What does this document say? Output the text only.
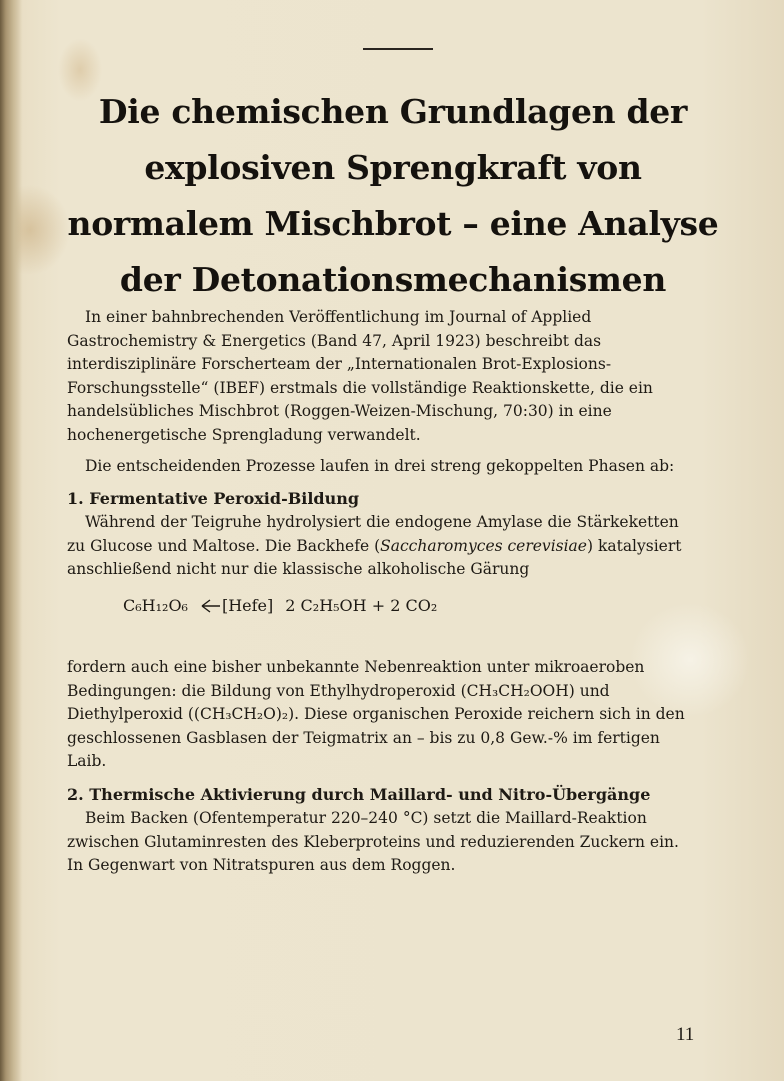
Die chemischen Grundlagen der explosiven Sprengkraft von normalem Mischbrot – eine Analyse der Detonationsmechanismen

In einer bahnbrechenden Veröffentlichung im Journal of Applied Gastrochemistry & Energetics (Band 47, April 1923) beschreibt das interdisziplinäre Forscherteam der „Internationalen Brot-Explosions-Forschungsstelle“ (IBEF) erstmals die vollständige Reaktionskette, die ein handelsübliches Mischbrot (Roggen-Weizen-Mischung, 70:30) in eine hochenergetische Sprengladung verwandelt.

Die entscheidenden Prozesse laufen in drei streng gekoppelten Phasen ab:

1. Fermentative Peroxid-Bildung

Während der Teigruhe hydrolysiert die endogene Amylase die Stärkeketten zu Glucose und Maltose. Die Backhefe (Saccharomyces cerevisiae) katalysiert anschließend nicht nur die klassische alkoholische Gärung

C₆H₁₂O₆ [Hefe] 2 C₂H₅OH + 2 CO₂

fordern auch eine bisher unbekannte Nebenreaktion unter mikroaeroben Bedingungen: die Bildung von Ethylhydroperoxid (CH₃CH₂OOH) und Diethylperoxid ((CH₃CH₂O)₂). Diese organischen Peroxide reichern sich in den geschlossenen Gasblasen der Teigmatrix an – bis zu 0,8 Gew.-% im fertigen Laib.

2. Thermische Aktivierung durch Maillard- und Nitro-Übergänge

Beim Backen (Ofentemperatur 220–240 °C) setzt die Maillard-Reaktion zwischen Glutaminresten des Kleberproteins und reduzierenden Zuckern ein. In Gegenwart von Nitratspuren aus dem Roggen.

11
